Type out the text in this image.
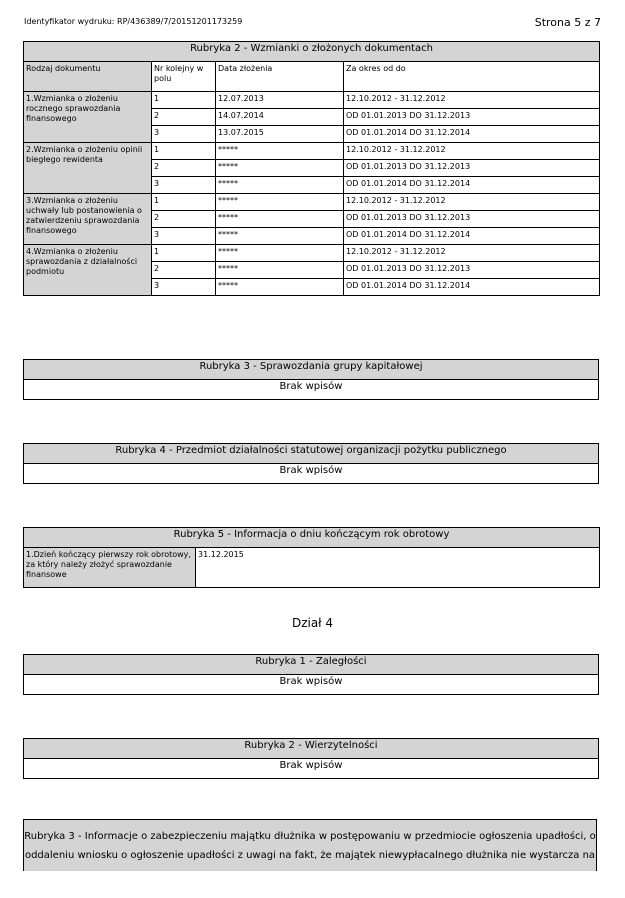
Identyfikator wydruku: RP/436389/7/20151201173259	Strona 5 z 7
Rubryka 2 - Wzmianki o złożonych dokumentach			
Rodzaj dokumentu	Nr kolejny w polu	Data złożenia	Za okres od do
1.Wzmianka o złożeniu rocznego sprawozdania finansowego	1	12.07.2013	12.10.2012 - 31.12.2012
	2	14.07.2014	OD 01.01.2013 DO 31.12.2013
	3	13.07.2015	OD 01.01.2014 DO 31.12.2014
2.Wzmianka o złożeniu opinii biegłego rewidenta	1	*****	12.10.2012 - 31.12.2012
	2	*****	OD 01.01.2013 DO 31.12.2013
	3	*****	OD 01.01.2014 DO 31.12.2014
3.Wzmianka o złożeniu uchwały lub postanowienia o zatwierdzeniu sprawozdania finansowego	1	*****	12.10.2012 - 31.12.2012
	2	*****	OD 01.01.2013 DO 31.12.2013
	3	*****	OD 01.01.2014 DO 31.12.2014
4.Wzmianka o złożeniu sprawozdania z działalności podmiotu	1	*****	12.10.2012 - 31.12.2012
	2	*****	OD 01.01.2013 DO 31.12.2013
	3	*****	OD 01.01.2014 DO 31.12.2014
Rubryka 3 - Sprawozdania grupy kapitałowej
Brak wpisów
Rubryka 4 - Przedmiot działalności statutowej organizacji pożytku publicznego
Brak wpisów
Rubryka 5 - Informacja o dniu kończącym rok obrotowy
1.Dzień kończący pierwszy rok obrotowy, za który należy złożyć sprawozdanie finansowe	31.12.2015
Dział 4
Rubryka 1 - Zaległości
Brak wpisów
Rubryka 2 - Wierzytelności
Brak wpisów
Rubryka 3 - Informacje o zabezpieczeniu majątku dłużnika w postępowaniu w przedmiocie ogłoszenia upadłości, o oddaleniu wniosku o ogłoszenie upadłości z uwagi na fakt, że majątek niewypłacalnego dłużnika nie wystarcza na
